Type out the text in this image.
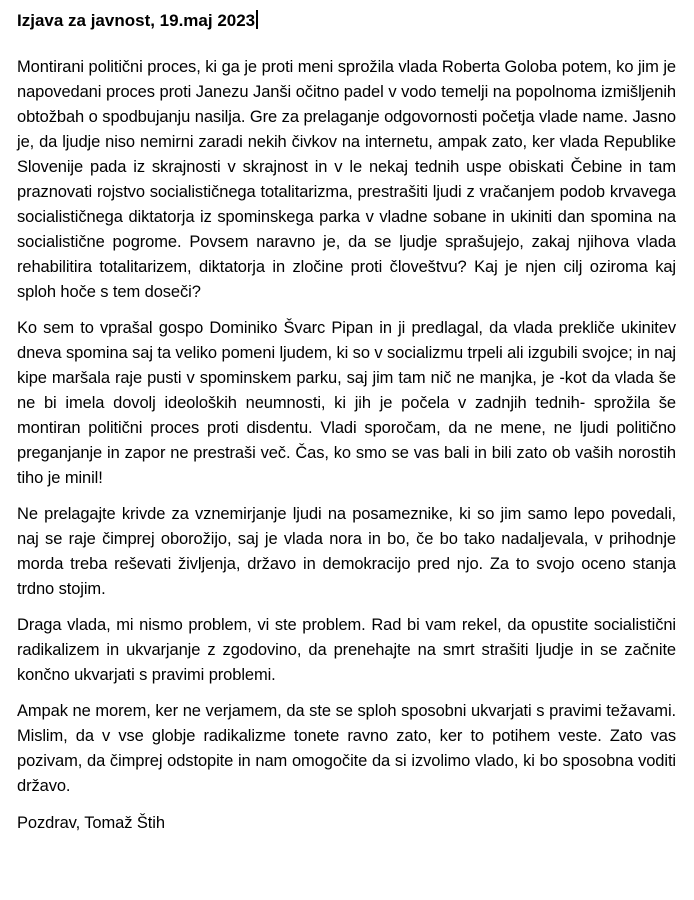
Izjava za javnost, 19.maj 2023

Montirani politični proces, ki ga je proti meni sprožila vlada Roberta Goloba potem, ko jim je napovedani proces proti Janezu Janši očitno padel v vodo temelji na popolnoma izmišljenih obtožbah o spodbujanju nasilja. Gre za prelaganje odgovornosti početja vlade name. Jasno je, da ljudje niso nemirni zaradi nekih čivkov na internetu, ampak zato, ker vlada Republike Slovenije pada iz skrajnosti v skrajnost in v le nekaj tednih uspe obiskati Čebine in tam praznovati rojstvo socialističnega totalitarizma, prestrašiti ljudi z vračanjem podob krvavega socialističnega diktatorja iz spominskega parka v vladne sobane in ukiniti dan spomina na socialistične pogrome. Povsem naravno je, da se ljudje sprašujejo, zakaj njihova vlada rehabilitira totalitarizem, diktatorja in zločine proti človeštvu? Kaj je njen cilj oziroma kaj sploh hoče s tem doseči?

Ko sem to vprašal gospo Dominiko Švarc Pipan in ji predlagal, da vlada prekliče ukinitev dneva spomina saj ta veliko pomeni ljudem, ki so v socializmu trpeli ali izgubili svojce; in naj kipe maršala raje pusti v spominskem parku, saj jim tam nič ne manjka, je -kot da vlada še ne bi imela dovolj ideoloških neumnosti, ki jih je počela v zadnjih tednih- sprožila še montiran politični proces proti disdentu. Vladi sporočam, da ne mene, ne ljudi politično preganjanje in zapor ne prestraši več. Čas, ko smo se vas bali in bili zato ob vaših norostih tiho je minil!

Ne prelagajte krivde za vznemirjanje ljudi na posameznike, ki so jim samo lepo povedali, naj se raje čimprej oborožijo, saj je vlada nora in bo, če bo tako nadaljevala, v prihodnje morda treba reševati življenja, državo in demokracijo pred njo. Za to svojo oceno stanja trdno stojim.

Draga vlada, mi nismo problem, vi ste problem. Rad bi vam rekel, da opustite socialistični radikalizem in ukvarjanje z zgodovino, da prenehajte na smrt strašiti ljudje in se začnite končno ukvarjati s pravimi problemi.

Ampak ne morem, ker ne verjamem, da ste se sploh sposobni ukvarjati s pravimi težavami. Mislim, da v vse globje radikalizme tonete ravno zato, ker to potihem veste. Zato vas pozivam, da čimprej odstopite in nam omogočite da si izvolimo vlado, ki bo sposobna voditi državo.

Pozdrav, Tomaž Štih
